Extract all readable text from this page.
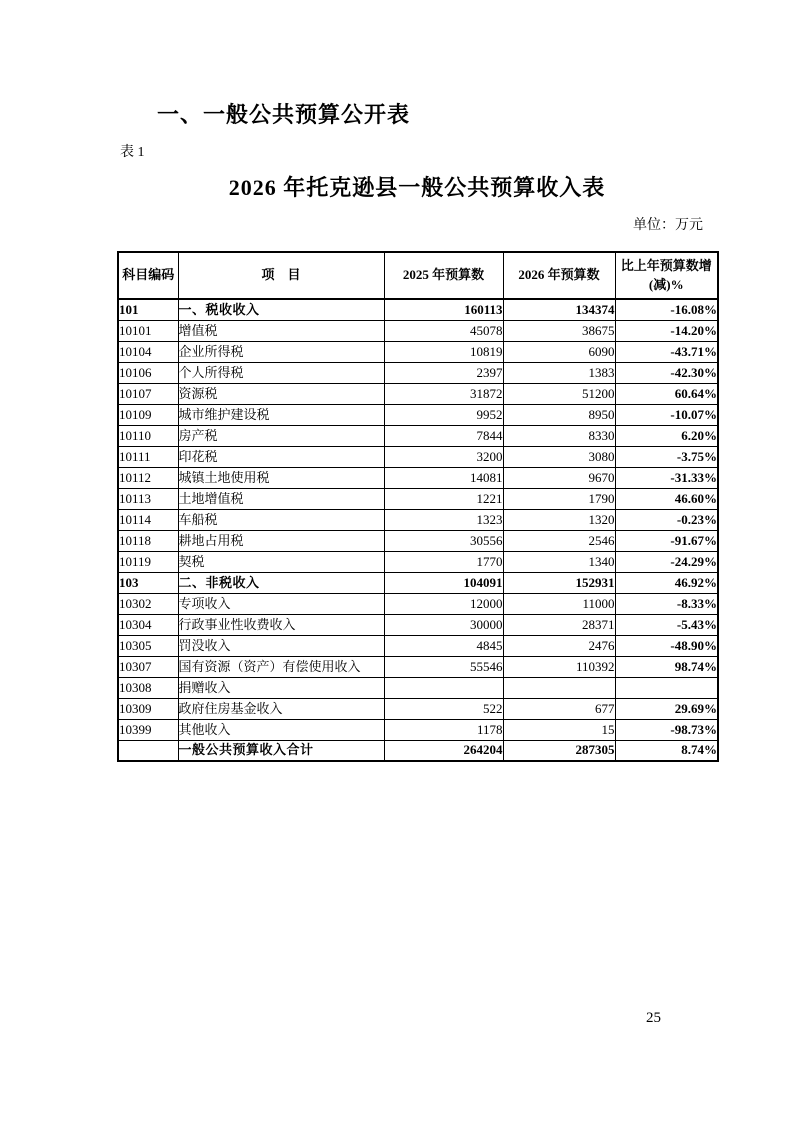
一、一般公共预算公开表
表 1
2026 年托克逊县一般公共预算收入表
单位：万元
科目编码	项　目	2025 年预算数	2026 年预算数	比上年预算数增(减)%
101	一、税收收入	160113	134374	-16.08%
10101	增值税	45078	38675	-14.20%
10104	企业所得税	10819	6090	-43.71%
10106	个人所得税	2397	1383	-42.30%
10107	资源税	31872	51200	60.64%
10109	城市维护建设税	9952	8950	-10.07%
10110	房产税	7844	8330	6.20%
10111	印花税	3200	3080	-3.75%
10112	城镇土地使用税	14081	9670	-31.33%
10113	土地增值税	1221	1790	46.60%
10114	车船税	1323	1320	-0.23%
10118	耕地占用税	30556	2546	-91.67%
10119	契税	1770	1340	-24.29%
103	二、非税收入	104091	152931	46.92%
10302	专项收入	12000	11000	-8.33%
10304	行政事业性收费收入	30000	28371	-5.43%
10305	罚没收入	4845	2476	-48.90%
10307	国有资源（资产）有偿使用收入	55546	110392	98.74%
10308	捐赠收入			
10309	政府住房基金收入	522	677	29.69%
10399	其他收入	1178	15	-98.73%
	一般公共预算收入合计	264204	287305	8.74%
25
